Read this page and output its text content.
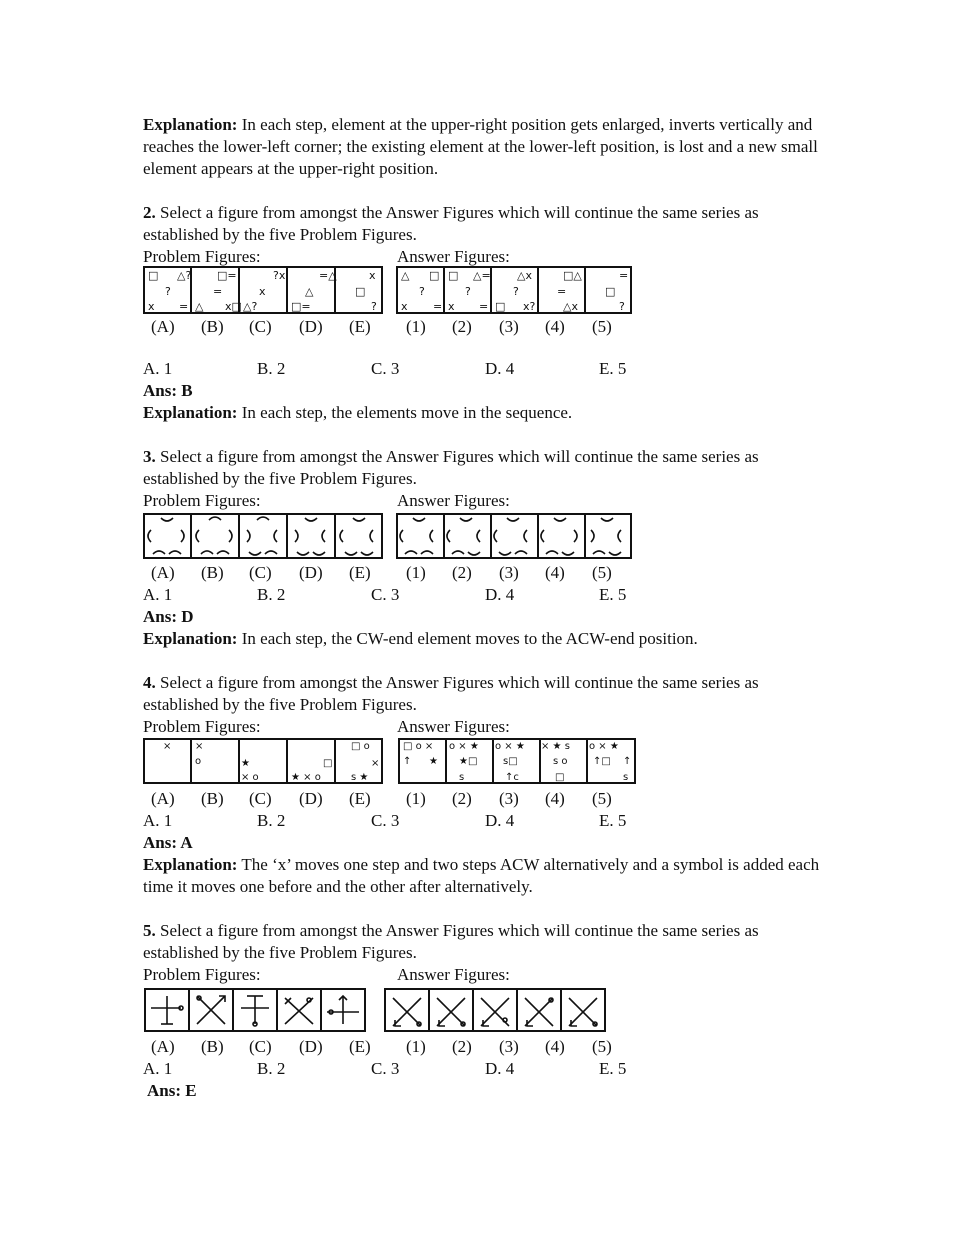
Explanation: In each step, element at the upper-right position gets enlarged, inverts vertically and reaches the lower-left corner; the existing element at the lower-left position, is lost and a new small element appears at the upper-right position.

2. Select a figure from amongst the Answer Figures which will continue the same series as established by the five Problem Figures.

Problem Figures:	Answer Figures:
□ △?
?
x =
□=
=
△ x□
?x
x
△?
=△
△
□=
x
□
?
△ □
?
x =
□ △=
?
x =
△x
?
□ x?
□△
=
△x
=
□
?
(A) (B) (C) (D) (E) (1) (2) (3) (4) (5)
A. 1	B. 2	C. 3	D. 4	E. 5

Ans: B

Explanation: In each step, the elements move in the sequence.

3. Select a figure from amongst the Answer Figures which will continue the same series as established by the five Problem Figures.

Problem Figures:	Answer Figures:
(A) (B) (C) (D) (E) (1) (2) (3) (4) (5)
A. 1	B. 2	C. 3	D. 4	E. 5

Ans: D

Explanation: In each step, the CW-end element moves to the ACW-end position.

4. Select a figure from amongst the Answer Figures which will continue the same series as established by the five Problem Figures.

Problem Figures:	Answer Figures:
× ×
o	★
× o
□
★ × o
□ o
×
s ★
□ o ×
↑ ★
o × ★
★□
s
o × ★
s□
↑c
× ★ s
s o
□
o × ★
↑□ ↑
s
(A) (B) (C) (D) (E) (1) (2) (3) (4) (5)
A. 1	B. 2	C. 3	D. 4	E. 5

Ans: A

Explanation: The ‘x’ moves one step and two steps ACW alternatively and a symbol is added each time it moves one before and the other after alternatively.

5. Select a figure from amongst the Answer Figures which will continue the same series as established by the five Problem Figures.

Problem Figures:	Answer Figures:
(A) (B) (C) (D) (E) (1) (2) (3) (4) (5)
A. 1	B. 2	C. 3	D. 4	E. 5

Ans: E
